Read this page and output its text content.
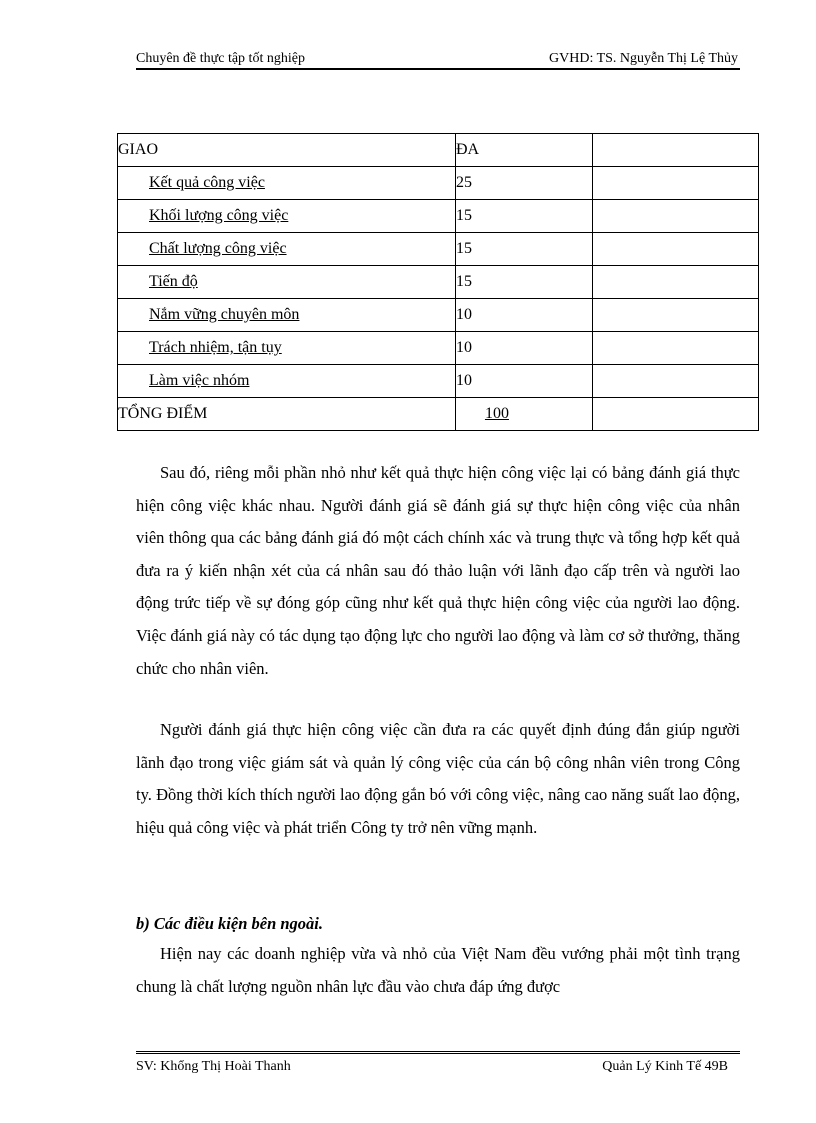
Chuyên đề thực tập tốt nghiệp	GVHD: TS. Nguyễn Thị Lệ Thủy
GIAO	ĐA	
Kết quả công việc	25	
Khối lượng công việc	15	
Chất lượng công việc	15	
Tiến độ	15	
Nắm vững chuyên môn	10	
Trách nhiệm, tận tụy	10	
Làm việc nhóm	10	
TỔNG ĐIỂM	100	

Sau đó, riêng mỗi phần nhỏ như kết quả thực hiện công việc lại có bảng đánh giá thực hiện công việc khác nhau. Người đánh giá sẽ đánh giá sự thực hiện công việc của nhân viên thông qua các bảng đánh giá đó một cách chính xác và trung thực và tổng hợp kết quả đưa ra ý kiến nhận xét của cá nhân sau đó thảo luận với lãnh đạo cấp trên và người lao động trức tiếp về sự đóng góp cũng như kết quả thực hiện công việc của người lao động. Việc đánh giá này có tác dụng tạo động lực cho người lao động và làm cơ sở thưởng, thăng chức cho nhân viên.

Người đánh giá thực hiện công việc cần đưa ra các quyết định đúng đắn giúp người lãnh đạo trong việc giám sát và quản lý công việc của cán bộ công nhân viên trong Công ty. Đồng thời kích thích người lao động gắn bó với công việc, nâng cao năng suất lao động, hiệu quả công việc và phát triển Công ty trở nên vững mạnh.

b) Các điều kiện bên ngoài.

Hiện nay các doanh nghiệp vừa và nhỏ của Việt Nam đều vướng phải một tình trạng chung là chất lượng nguồn nhân lực đầu vào chưa đáp ứng được

SV: Khổng Thị Hoài Thanh	Quản Lý Kinh Tế 49B
